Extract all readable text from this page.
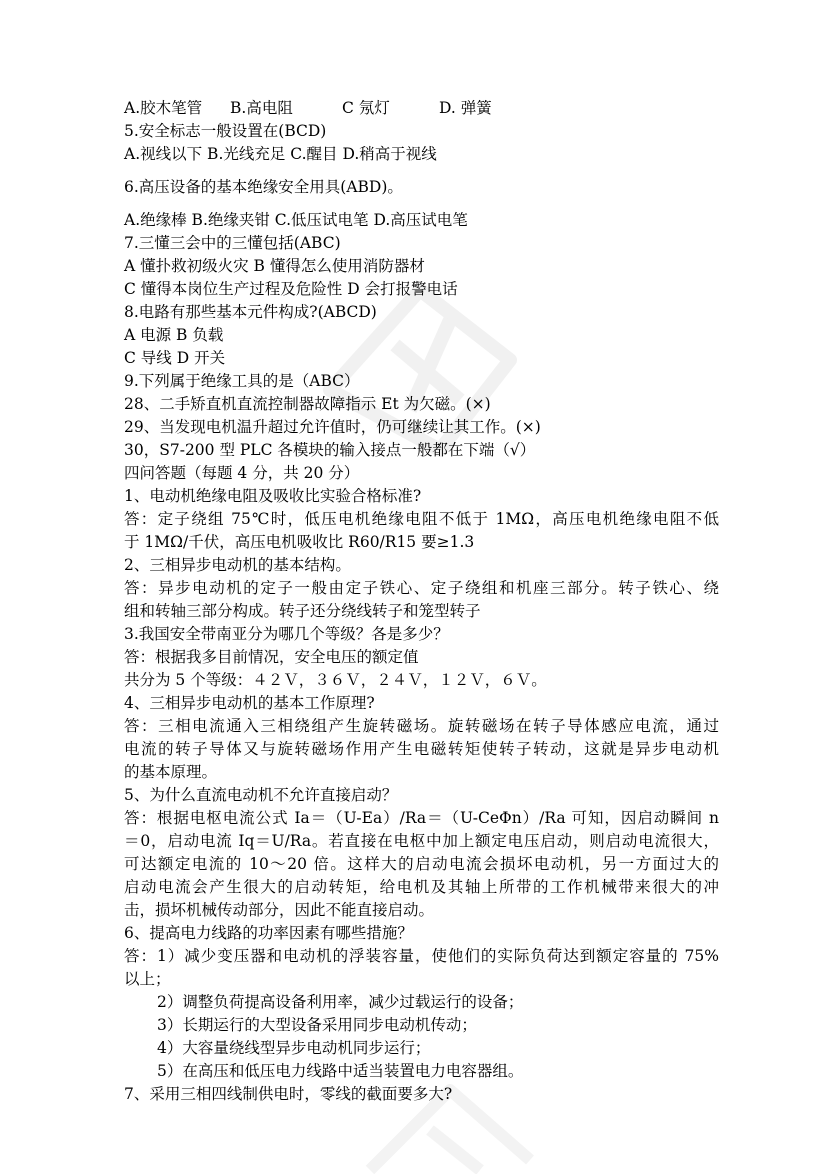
A.胶木笔管 B.高电阻	C 氖灯	D. 弹簧
5.安全标志一般设置在(BCD)
A.视线以下 B.光线充足 C.醒目 D.稍高于视线
6.高压设备的基本绝缘安全用具(ABD)。
A.绝缘棒 B.绝缘夹钳 C.低压试电笔 D.高压试电笔
7.三懂三会中的三懂包括(ABC)
A 懂扑救初级火灾 B 懂得怎么使用消防器材
C 懂得本岗位生产过程及危险性 D 会打报警电话
8.电路有那些基本元件构成?(ABCD)
A 电源 B 负载
C 导线 D 开关
9.下列属于绝缘工具的是（ABC）
28、二手矫直机直流控制器故障指示 Et 为欠磁。(×)
29、当发现电机温升超过允许值时，仍可继续让其工作。(×)
30，S7-200 型 PLC 各模块的输入接点一般都在下端（√）
四问答题（每题 4 分，共 20 分）
1、电动机绝缘电阻及吸收比实验合格标准?
答：定子绕组 75℃时，低压电机绝缘电阻不低于 1MΩ，高压电机绝缘电阻不低
于 1MΩ/千伏，高压电机吸收比 R60/R15 要≥1.3
2、三相异步电动机的基本结构。
答：异步电动机的定子一般由定子铁心、定子绕组和机座三部分。转子铁心、绕
组和转轴三部分构成。转子还分绕线转子和笼型转子
3.我国安全带南亚分为哪几个等级？各是多少？
答：根据我多目前情况，安全电压的额定值
共分为 5 个等级：４２Ｖ，３６Ｖ，２４Ｖ，１２Ｖ，６Ｖ。
4、三相异步电动机的基本工作原理?
答：三相电流通入三相绕组产生旋转磁场。旋转磁场在转子导体感应电流，通过
电流的转子导体又与旋转磁场作用产生电磁转矩使转子转动，这就是异步电动机
的基本原理。
5、为什么直流电动机不允许直接启动？
答：根据电枢电流公式 Ia＝（U-Ea）/Ra＝（U-CeΦn）/Ra 可知，因启动瞬间 n
＝0，启动电流 Iq＝U/Ra。若直接在电枢中加上额定电压启动，则启动电流很大，
可达额定电流的 10～20 倍。这样大的启动电流会损坏电动机，另一方面过大的
启动电流会产生很大的启动转矩，给电机及其轴上所带的工作机械带来很大的冲
击，损坏机械传动部分，因此不能直接启动。
6、提高电力线路的功率因素有哪些措施？
答：1）减少变压器和电动机的浮装容量，使他们的实际负荷达到额定容量的 75%
以上；
2）调整负荷提高设备利用率，减少过载运行的设备；
3）长期运行的大型设备采用同步电动机传动；
4）大容量绕线型异步电动机同步运行；
5）在高压和低压电力线路中适当装置电力电容器组。
7、采用三相四线制供电时，零线的截面要多大?
